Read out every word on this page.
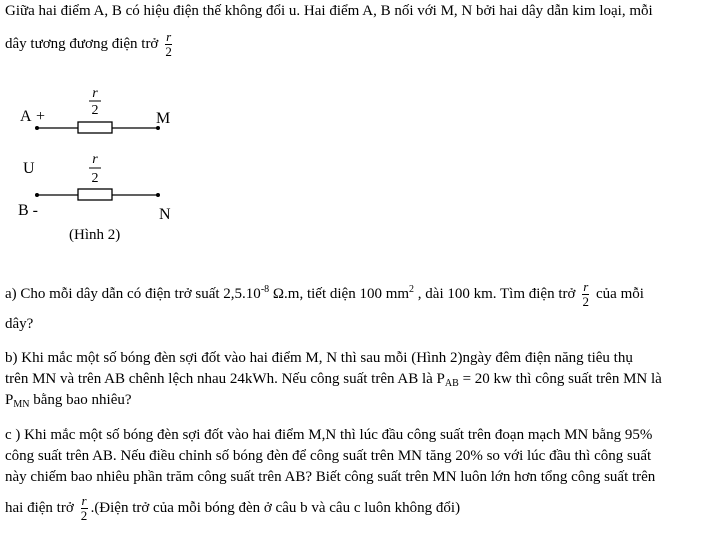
Giữa hai điểm A, B có hiệu điện thế không đổi u. Hai điểm A, B nối với M, N bởi hai dây dẫn kim loại, mỗi
dây tương đương điện trở $\frac{r}{2}$
r
2
r
2
A +	M
U
B -	N
(Hình 2)
a) Cho mỗi dây dẫn có điện trở suất $2,5.10^{-8}$ Ω.m, tiết diện 100 $mm^2$ , dài 100 km. Tìm điện trở $\frac{r}{2}$ của mỗi
dây?
b) Khi mắc một số bóng đèn sợi đốt vào hai điểm M, N thì sau mỗi (Hình 2)ngày đêm điện năng tiêu thụ
trên MN và trên AB chênh lệch nhau 24kWh. Nếu công suất trên AB là $P_{AB} = 20$ kw thì công suất trên MN là
$P_{MN}$ bằng bao nhiêu?
c ) Khi mắc một số bóng đèn sợi đốt vào hai điểm M,N thì lúc đầu công suất trên đoạn mạch MN bằng 95%
công suất trên AB. Nếu điều chỉnh số bóng đèn để công suất trên MN tăng 20% so với lúc đầu thì công suất
này chiếm bao nhiêu phần trăm công suất trên AB? Biết công suất trên MN luôn lớn hơn tổng công suất trên
hai điện trở $\frac{r}{2}$ .(Điện trở của mỗi bóng đèn ở câu b và câu c luôn không đổi)
